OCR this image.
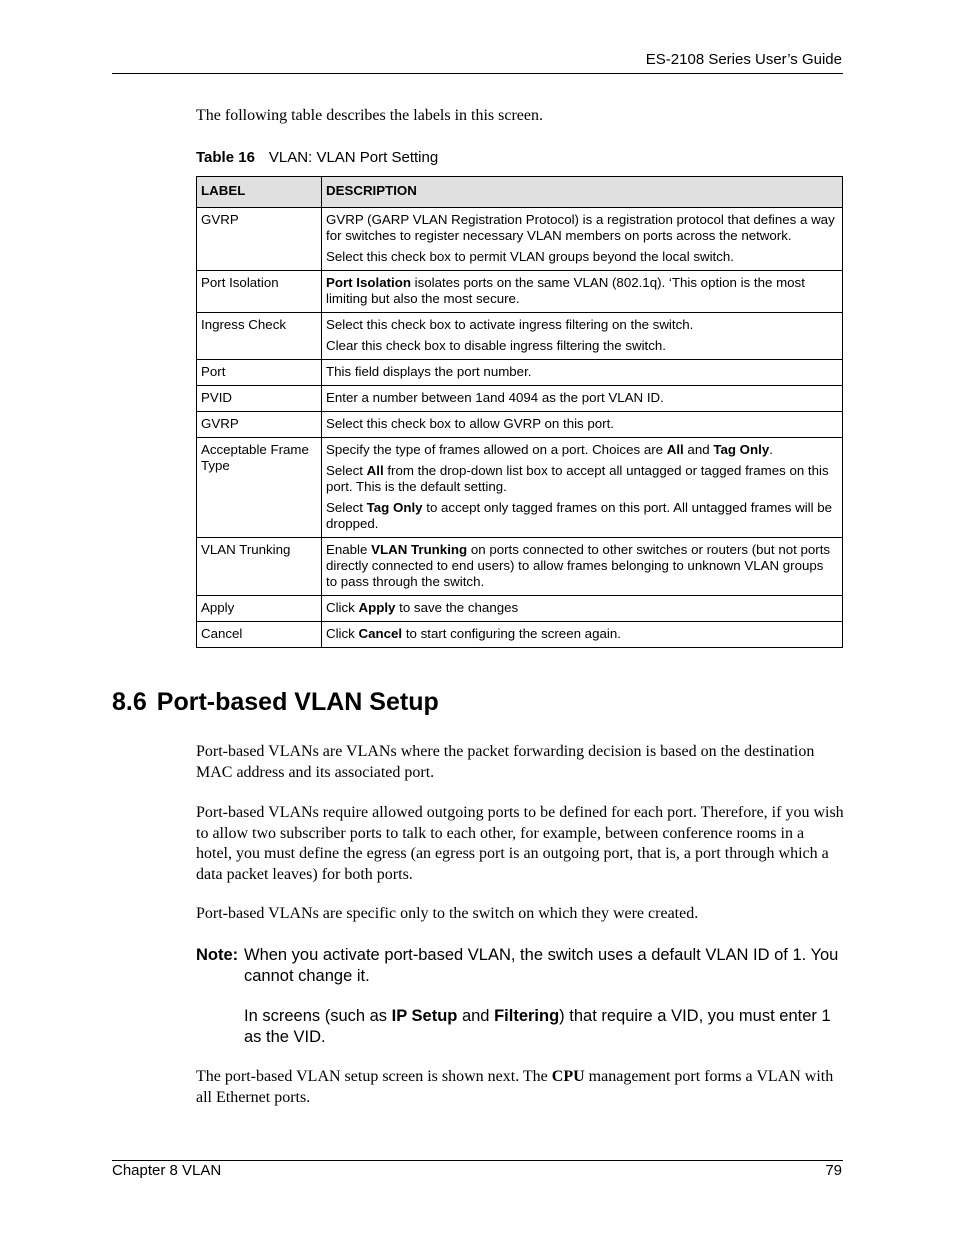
ES-2108 Series User’s Guide
The following table describes the labels in this screen.
Table 16 VLAN: VLAN Port Setting
LABEL	DESCRIPTION
GVRP	GVRP (GARP VLAN Registration Protocol) is a registration protocol that defines a way for switches to register necessary VLAN members on ports across the network.

Select this check box to permit VLAN groups beyond the local switch.

Port Isolation	Port Isolation isolates ports on the same VLAN (802.1q). ‘This option is the most limiting but also the most secure.

Ingress Check	Select this check box to activate ingress filtering on the switch.

Clear this check box to disable ingress filtering the switch.

Port	This field displays the port number.

PVID	Enter a number between 1and 4094 as the port VLAN ID.

GVRP	Select this check box to allow GVRP on this port.

Acceptable Frame Type	Specify the type of frames allowed on a port. Choices are All and Tag Only.

Select All from the drop-down list box to accept all untagged or tagged frames on this port. This is the default setting.

Select Tag Only to accept only tagged frames on this port. All untagged frames will be dropped.

VLAN Trunking	Enable VLAN Trunking on ports connected to other switches or routers (but not ports directly connected to end users) to allow frames belonging to unknown VLAN groups to pass through the switch.

Apply	Click Apply to save the changes

Cancel	Click Cancel to start configuring the screen again.

8.6 Port-based VLAN Setup

Port-based VLANs are VLANs where the packet forwarding decision is based on the destination MAC address and its associated port.

Port-based VLANs require allowed outgoing ports to be defined for each port. Therefore, if you wish to allow two subscriber ports to talk to each other, for example, between conference rooms in a hotel, you must define the egress (an egress port is an outgoing port, that is, a port through which a data packet leaves) for both ports.

Port-based VLANs are specific only to the switch on which they were created.

Note: When you activate port-based VLAN, the switch uses a default VLAN ID of 1. You cannot change it.

In screens (such as IP Setup and Filtering) that require a VID, you must enter 1 as the VID.

The port-based VLAN setup screen is shown next. The CPU management port forms a VLAN with all Ethernet ports.

Chapter 8 VLAN	79
